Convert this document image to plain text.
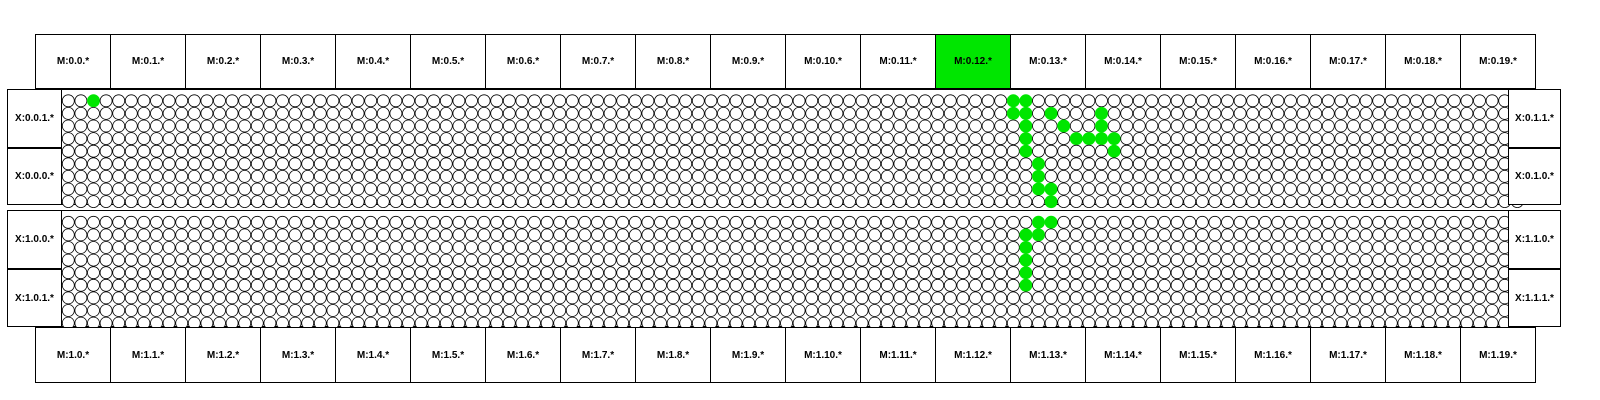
M:0.0.*	M:0.1.*	M:0.2.*	M:0.3.*	M:0.4.*	M:0.5.*	M:0.6.*	M:0.7.*	M:0.8.*	M:0.9.*	M:0.10.*	M:0.11.*	M:0.12.*	M:0.13.*	M:0.14.*	M:0.15.*	M:0.16.*	M:0.17.*	M:0.18.*	M:0.19.*
M:1.0.*	M:1.1.*	M:1.2.*	M:1.3.*	M:1.4.*	M:1.5.*	M:1.6.*	M:1.7.*	M:1.8.*	M:1.9.*	M:1.10.*	M:1.11.*	M:1.12.*	M:1.13.*	M:1.14.*	M:1.15.*	M:1.16.*	M:1.17.*	M:1.18.*	M:1.19.*
X:0.0.1.*
X:0.0.0.*
X:1.0.0.*
X:1.0.1.*
X:0.1.1.*
X:0.1.0.*
X:1.1.0.*
X:1.1.1.*
